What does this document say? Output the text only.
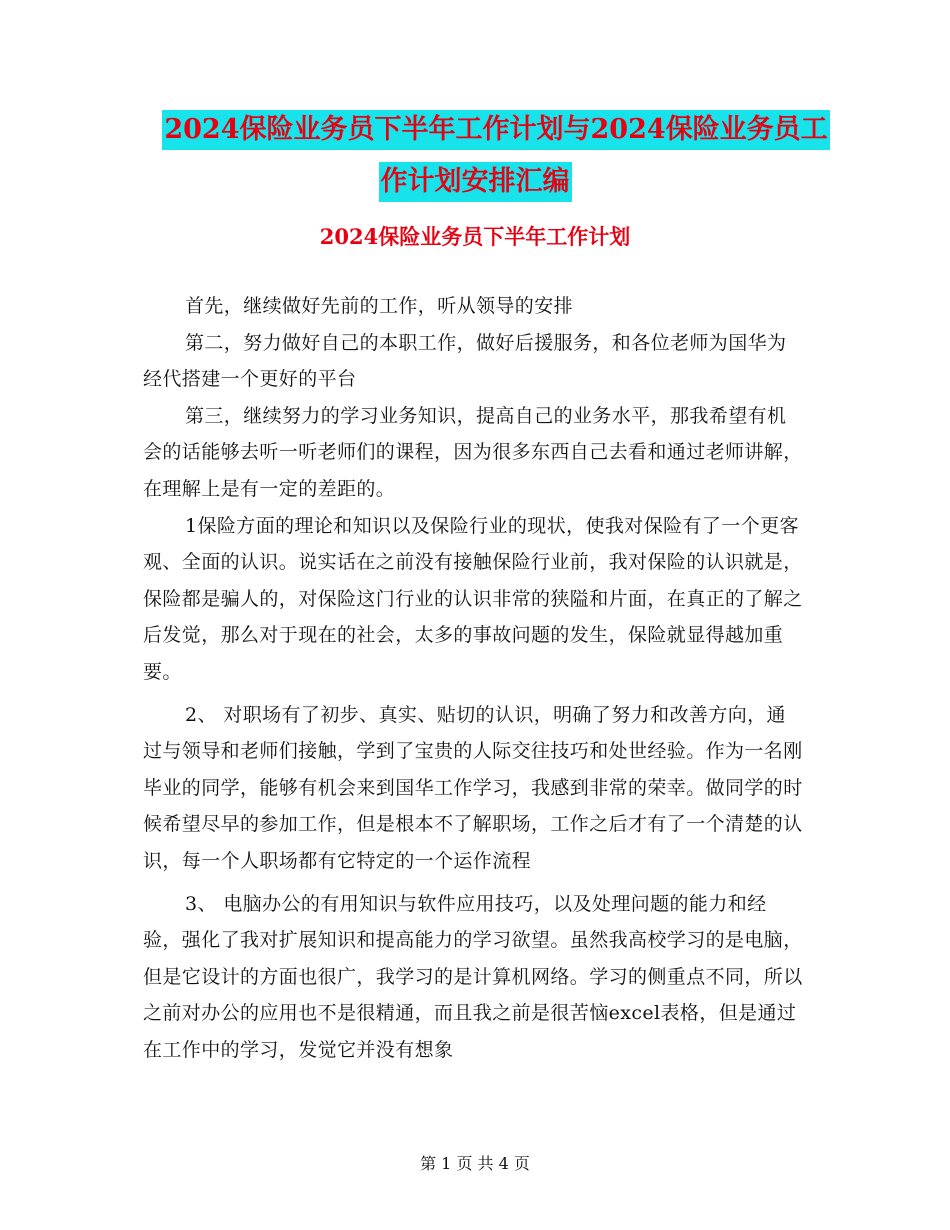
2024保险业务员下半年工作计划与2024保险业务员工
作计划安排汇编
2024保险业务员下半年工作计划

首先，继续做好先前的工作，听从领导的安排

第二，努力做好自己的本职工作，做好后援服务，和各位老师为国华为经代搭建一个更好的平台

第三，继续努力的学习业务知识，提高自己的业务水平，那我希望有机会的话能够去听一听老师们的课程，因为很多东西自己去看和通过老师讲解，在理解上是有一定的差距的。

1保险方面的理论和知识以及保险行业的现状，使我对保险有了一个更客观、全面的认识。说实话在之前没有接触保险行业前，我对保险的认识就是，保险都是骗人的，对保险这门行业的认识非常的狭隘和片面，在真正的了解之后发觉，那么对于现在的社会，太多的事故问题的发生，保险就显得越加重要。

2、 对职场有了初步、真实、贴切的认识，明确了努力和改善方向，通过与领导和老师们接触，学到了宝贵的人际交往技巧和处世经验。作为一名刚毕业的同学，能够有机会来到国华工作学习，我感到非常的荣幸。做同学的时候希望尽早的参加工作，但是根本不了解职场，工作之后才有了一个清楚的认识，每一个人职场都有它特定的一个运作流程

3、 电脑办公的有用知识与软件应用技巧，以及处理问题的能力和经验，强化了我对扩展知识和提高能力的学习欲望。虽然我高校学习的是电脑，但是它设计的方面也很广，我学习的是计算机网络。学习的侧重点不同，所以之前对办公的应用也不是很精通，而且我之前是很苦恼excel表格，但是通过在工作中的学习，发觉它并没有想象

第 1 页 共 4 页
